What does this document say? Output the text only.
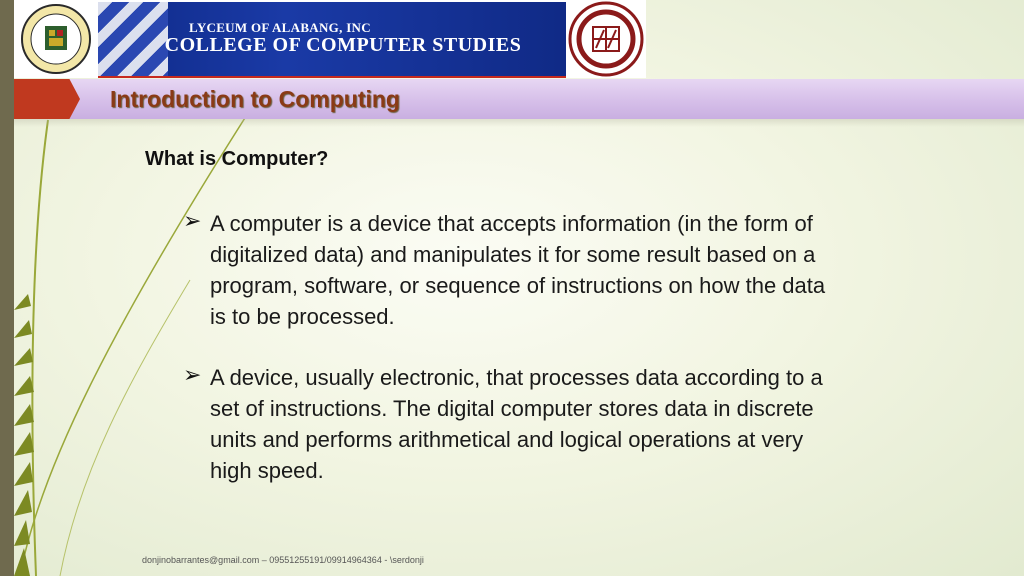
LYCEUM OF ALABANG, INC
COLLEGE OF COMPUTER STUDIES
Introduction to Computing
What is Computer?
➢ A computer is a device that accepts information (in the form of digitalized data) and manipulates it for some result based on a program, software, or sequence of instructions on how the data is to be processed.
➢ A device, usually electronic, that processes data according to a set of instructions. The digital computer stores data in discrete units and performs arithmetical and logical operations at very high speed.
donjinobarrantes@gmail.com – 09551255191/09914964364 - \serdonji
